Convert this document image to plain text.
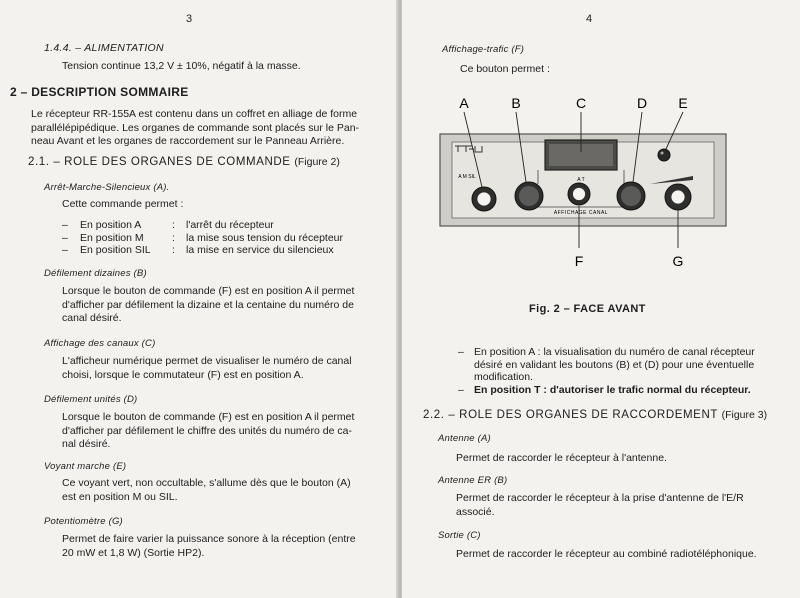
3
1.4.4. – ALIMENTATION
Tension continue 13,2 V ± 10%, négatif à la masse.
2 – DESCRIPTION SOMMAIRE
Le récepteur RR-155A est contenu dans un coffret en alliage de forme
parallélépipédique. Les organes de commande sont placés sur le Pan-
neau Avant et les organes de raccordement sur le Panneau Arrière.
2.1. – ROLE DES ORGANES DE COMMANDE (Figure 2)
Arrêt-Marche-Silencieux (A).
Cette commande permet :
–	En position A	:	l'arrêt du récepteur
–	En position M	:	la mise sous tension du récepteur
–	En position SIL	:	la mise en service du silencieux
Défilement dizaines (B)
Lorsque le bouton de commande (F) est en position A il permet
d'afficher par défilement la dizaine et la centaine du numéro de
canal désiré.
Affichage des canaux (C)
L'afficheur numérique permet de visualiser le numéro de canal
choisi, lorsque le commutateur (F) est en position A.
Défilement unités (D)
Lorsque le bouton de commande (F) est en position A il permet
d'afficher par défilement le chiffre des unités du numéro de ca-
nal désiré.
Voyant marche (E)
Ce voyant vert, non occultable, s'allume dès que le bouton (A)
est en position M ou SIL.
Potentiomètre (G)
Permet de faire varier la puissance sonore à la réception (entre
20 mW et 1,8 W) (Sortie HP2).
4
Affichage-trafic (F)
Ce bouton permet :
A	B	C	D E
AFFICHAGE CANAL
A M SIL	A T
F	G
Fig. 2 – FACE AVANT
– En position A : la visualisation du numéro de canal récepteur
désiré en validant les boutons (B) et (D) pour une éventuelle
modification.
– En position T : d'autoriser le trafic normal du récepteur.
2.2. – ROLE DES ORGANES DE RACCORDEMENT (Figure 3)
Antenne (A)
Permet de raccorder le récepteur à l'antenne.
Antenne ER (B)
Permet de raccorder le récepteur à la prise d'antenne de l'E/R
associé.
Sortie (C)
Permet de raccorder le récepteur au combiné radiotéléphonique.
